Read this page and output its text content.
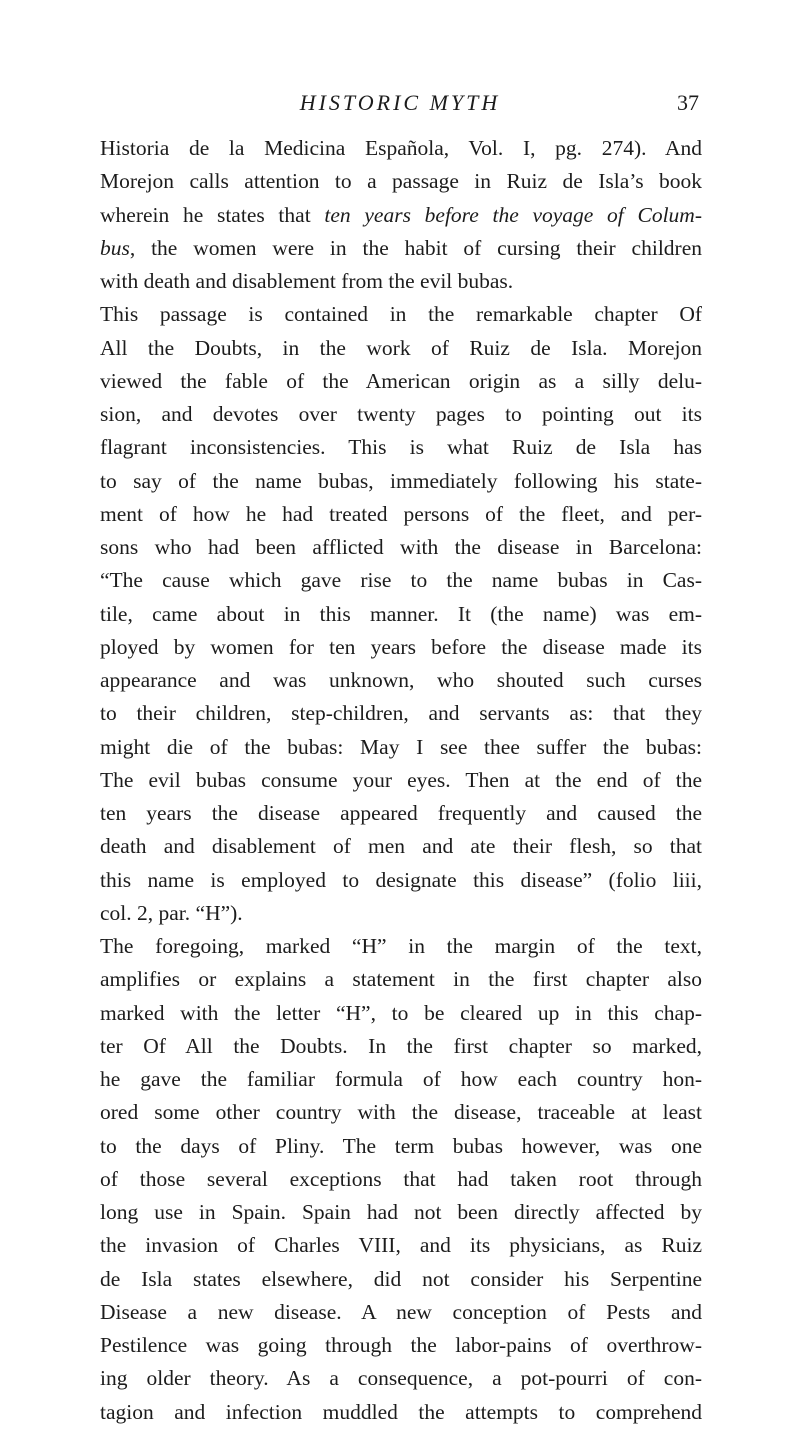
HISTORIC MYTH	37
Historia de la Medicina Española, Vol. I, pg. 274). And
Morejon calls attention to a passage in Ruiz de Isla’s book
wherein he states that ten years before the voyage of Colum-
bus, the women were in the habit of cursing their children
with death and disablement from the evil bubas.
This passage is contained in the remarkable chapter Of
All the Doubts, in the work of Ruiz de Isla. Morejon
viewed the fable of the American origin as a silly delu-
sion, and devotes over twenty pages to pointing out its
flagrant inconsistencies. This is what Ruiz de Isla has
to say of the name bubas, immediately following his state-
ment of how he had treated persons of the fleet, and per-
sons who had been afflicted with the disease in Barcelona:
“The cause which gave rise to the name bubas in Cas-
tile, came about in this manner. It (the name) was em-
ployed by women for ten years before the disease made its
appearance and was unknown, who shouted such curses
to their children, step-children, and servants as: that they
might die of the bubas: May I see thee suffer the bubas:
The evil bubas consume your eyes. Then at the end of the
ten years the disease appeared frequently and caused the
death and disablement of men and ate their flesh, so that
this name is employed to designate this disease” (folio liii,
col. 2, par. “H”).
The foregoing, marked “H” in the margin of the text,
amplifies or explains a statement in the first chapter also
marked with the letter “H”, to be cleared up in this chap-
ter Of All the Doubts. In the first chapter so marked,
he gave the familiar formula of how each country hon-
ored some other country with the disease, traceable at least
to the days of Pliny. The term bubas however, was one
of those several exceptions that had taken root through
long use in Spain. Spain had not been directly affected by
the invasion of Charles VIII, and its physicians, as Ruiz
de Isla states elsewhere, did not consider his Serpentine
Disease a new disease. A new conception of Pests and
Pestilence was going through the labor-pains of overthrow-
ing older theory. As a consequence, a pot-pourri of con-
tagion and infection muddled the attempts to comprehend
